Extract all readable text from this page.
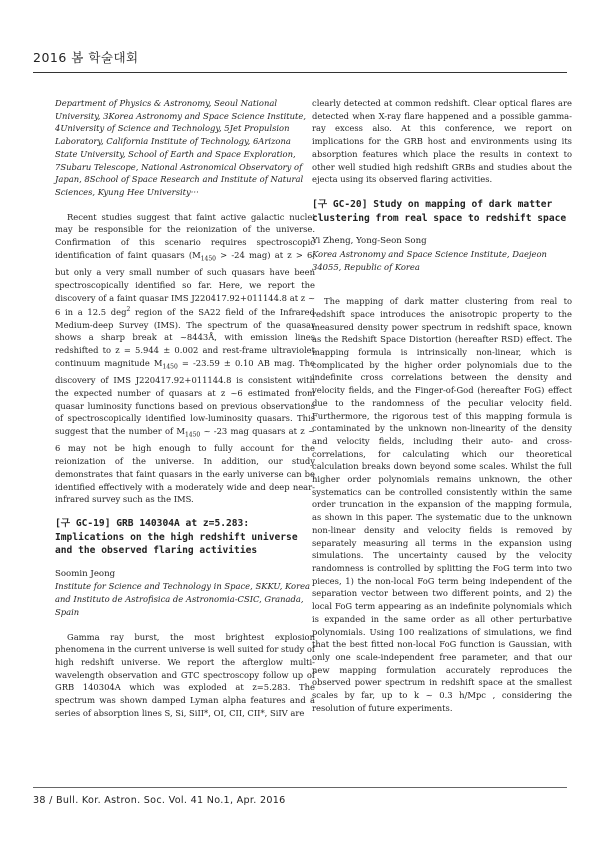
2016 봄 학술대회

Department of Physics & Astronomy, Seoul National University, 3Korea Astronomy and Space Science Institute, 4University of Science and Technology, 5Jet Propulsion Laboratory, California Institute of Technology, 6Arizona State University, School of Earth and Space Exploration, 7Subaru Telescope, National Astronomical Observatory of Japan, 8School of Space Research and Institute of Natural Sciences, Kyung Hee University···

Recent studies suggest that faint active galactic nuclei may be responsible for the reionization of the universe. Confirmation of this scenario requires spectroscopic identification of faint quasars ($M_{1450} > -24$ mag) at z > 6, but only a very small number of such quasars have been spectroscopically identified so far. Here, we report the discovery of a faint quasar IMS J220417.92+011144.8 at z ~ 6 in a 12.5 deg$^2$ region of the SA22 field of the Infrared Medium-deep Survey (IMS). The spectrum of the quasar shows a sharp break at ~8443Å, with emission lines redshifted to z = 5.944 ± 0.002 and rest-frame ultraviolet continuum magnitude $M_{1450} = -23.59 \pm 0.10$ AB mag. The discovery of IMS J220417.92+011144.8 is consistent with the expected number of quasars at z ~6 estimated from quasar luminosity functions based on previous observations of spectroscopically identified low-luminosity quasars. This suggest that the number of $M_{1450}$ ~ -23 mag quasars at z ~ 6 may not be high enough to fully account for the reionization of the universe. In addition, our study demonstrates that faint quasars in the early universe can be identified effectively with a moderately wide and deep near-infrared survey such as the IMS.

[구 GC-19] GRB 140304A at z=5.283: Implications on the high redshift universe and the observed flaring activities

Soomin Jeong

Institute for Science and Technology in Space, SKKU, Korea and Instituto de Astrofisica de Astronomia-CSIC, Granada, Spain

Gamma ray burst, the most brightest explosion phenomena in the current universe is well suited for study of high redshift universe. We report the afterglow multi-wavelength observation and GTC spectroscopy follow up of GRB 140304A which was exploded at z=5.283. The spectrum was shown damped Lyman alpha features and a series of absorption lines S, Si, SiII*, OI, CII, CII*, SiIV are

clearly detected at common redshift. Clear optical flares are detected when X-ray flare happened and a possible gamma-ray excess also. At this conference, we report on implications for the GRB host and environments using its absorption features which place the results in context to other well studied high redshift GRBs and studies about the ejecta using its observed flaring activities.

[구 GC-20] Study on mapping of dark matter clustering from real space to redshift space

Yi Zheng, Yong-Seon Song

Korea Astronomy and Space Science Institute, Daejeon 34055, Republic of Korea

The mapping of dark matter clustering from real to redshift space introduces the anisotropic property to the measured density power spectrum in redshift space, known as the Redshift Space Distortion (hereafter RSD) effect. The mapping formula is intrinsically non-linear, which is complicated by the higher order polynomials due to the indefinite cross correlations between the density and velocity fields, and the Finger-of-God (hereafter FoG) effect due to the randomness of the peculiar velocity field. Furthermore, the rigorous test of this mapping formula is contaminated by the unknown non-linearity of the density and velocity fields, including their auto- and cross-correlations, for calculating which our theoretical calculation breaks down beyond some scales. Whilst the full higher order polynomials remains unknown, the other systematics can be controlled consistently within the same order truncation in the expansion of the mapping formula, as shown in this paper. The systematic due to the unknown non-linear density and velocity fields is removed by separately measuring all terms in the expansion using simulations. The uncertainty caused by the velocity randomness is controlled by splitting the FoG term into two pieces, 1) the non-local FoG term being independent of the separation vector between two different points, and 2) the local FoG term appearing as an indefinite polynomials which is expanded in the same order as all other perturbative polynomials. Using 100 realizations of simulations, we find that the best fitted non-local FoG function is Gaussian, with only one scale-independent free parameter, and that our new mapping formulation accurately reproduces the observed power spectrum in redshift space at the smallest scales by far, up to k ~ 0.3 h/Mpc , considering the resolution of future experiments.

38 / Bull. Kor. Astron. Soc. Vol. 41 No.1, Apr. 2016
